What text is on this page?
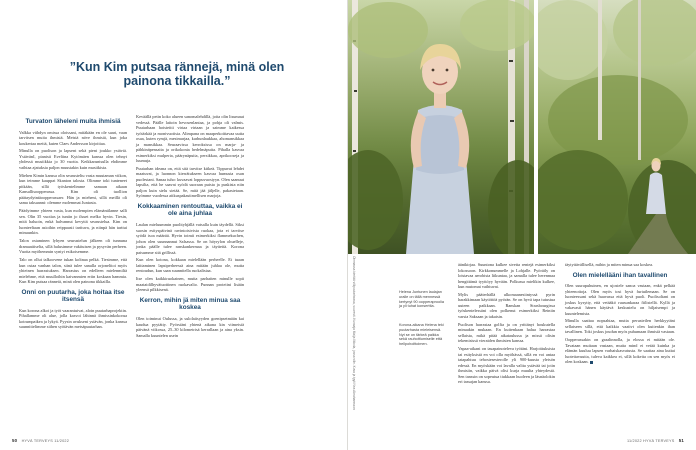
”Kun Kim putsaa rännejä, minä olen painona tikkailla.”
Turvaton läheleni muita ihmisiä

Valkka viihdyn omissa oloissani, mitäkään en ole saari, vaan tarvitsen muita ihmisiä. Meistä növe ihmisiä, kun joka koukertaa meitä, kuten Claes Andersson kirjoittaa.

Minulla on puolison ja lapsent sekä pieni joukko ystäviä. YstävänI, pianisti Eveliina Kytömäen kanssa olen tehnyt yhdessä musiikkia jo 30 vuotta. Keikkaruntsulla ehdimme vaihtaa ajatuksia paljon muustakin kuin musiikista.

Miehen Kimin kanssa olin seurusteltu vasta muutaman viikon, kun teimme kauppat Skanton talosta. Olimme toki tunteneet pitkään, sillä työskentelimme samaan aikaan Kansallisoopperassa. Kim oli tuollion päätaydytntäoopperassaer. Hän ja mieheni, sillä meillä oli sama taksaanni: olemme molemmat Juntasta.

Päädyimme yhteen vasta, kun molempien elämäntilanne salli sen. Olin 35 vuotias ja tuntin jo ilsuet melko hyvin. Tiesin, mitä haluoin, enkä halvannut kevyttä seurustelua. Kim on luonteeltaan asioihin reippaasti tarttuva, ja niinpä hän tarttui minuunkin.

Talon ostaminen lyhyen seurustelun jälkeen oli tunnuna dramaattiselta, sillä halusimme vakituisen ja pysyvän perheen. Vuotta myöhemmin syntyi esikoisemme.

Talo on ollut talkoovene tukan koltnaa pelkä. Tiesimme, että kun ostaa vanhan talon, siinä tulee sanalla orjonelitoi myös yhteinen harrastuksen. Harrastus on edelleen mielenmiltä mielehme, että muulloihin kaivanmien eriin koskaan hammia. Kun Kim putsaa ränneiä, minä olen painona tikkailla.

Onni on puutarha, joka hoitaa itse itsensä

Kun korona alkoi ja työt vaarantuivat, aloin puutarhaprojektin. Pihallamme oli alue, jolla kasvoi lähinnä ihmissinkokorua kotrumpaikea ja lykyä. Pyysin avukseni ystävän, jonka kanssa suunnittelimme siihen syötävän metsäpuutarhan.

Keväällä petin koko alueen sanomalehdillä, joita olin lisumaut vedessä. Päälle laitoin hevosenlantaa, ja pohja oli valmis. Puutarhaan hoisteitti virtaa virtaan ja saimme kaikessa työtärkää ja monivuotisia. Alimpana on maaperkoittavaa uutta osaa, kuten rymjä, mesimarjaa, karhunlaukkaa, ahomansikkaa ja mansikkaa. Seuraavissa kerroksissa on marja- ja pähkinäpensaita ja ortkokonia hedelmäpuita. Pihalla kasvaa esimerkiksi mulperia, päärynäpuita, persikkaa, aprikooseja ja luumuja.

Puutarhan ideana on, että sitä tarvitse kitkeä. Tippuvat lehdet maatuvat, ja luonnon kierrätukseen kasvaa humusta osan puolestani. Sanaa tuho: kuvaavat loppuvuosiyyn. Olen saanuut lapsilta, että he saavat syödä suoraan puista ja puskista niin paljon kuin sielu sietää. Se, mitä jää jäljelle, pakastetaan. Syömme vuodessa aitkuspakastimellisen marjoja.

Kokkaaminen rentouttaa, vaikka ei ole aina juhlaa

Laulan mieluummin puolityhjällä vatsalla kuin täydellä. Siksi suosin esityspäivinä ravintoisivista ruokaa, jota ei tarvitse syödä isoa määrää. Hyvin toimii esimerkiksi flammekuchen, johon olen suunnannut Salsassa. Se on höyrylon ohuelleje, jonka päälle tulee ranskankermaa ja täytteitä. Korona paisumme sitä grillissä.

Kun olen kotona, kokkaan mielellään perheelle. Ei tuaan laittaminen lapsiperheessä aina mitään juhlaa ole, mutta rentoudun, kun saan suunnitella ruokalistaa.

Itse olen kaikkiruokainen, mutta parhaiten minulle sopii maataidilhyvätuottinen ruokavalio. Punnan proteiini lisään yleensä pilkkisenä.

Kerron, mihin jä miten minua saa koskea

Olen toiminut Oulussa, ja sulolaiisyyden goenipsetmään kai kaudua pyytätty. Pyörsiäni yhtenä aikana kin viimeisiä päivänä viikossa, 25–30 kilometrisä kerrallaan ja aina yksin. Samalla kuuntelen usein

50 HYVÄ TERVEYS 11/2022
Olemassa kiertää villipuutarhassa, suuresti. Kuvaaja Maija Ilkkola, jossa ville. Kuva ja tyyli Nea Abrahamsson	Helena Juntunen laulajan uralle on tällä mennessä kertynyt 90 oopperaproolia ja yli tuhat konserttia.
Korona-aikana Helena teki puutarhasta mieleisensä. Nyt se on tärkeä paikka sekä rauhoittumiselle että hellpohoittoimen.

äänikirjaa. Suuntona kulkee sivetta rentejä esimerkiksi lokossoon. Kirkkonummelle ja Lohjalle. Pyöräily on loistavaa aerobista liikuntaa, ja samalla tulee herenmaa hengittämä tyyttöyy hyvään. Polkussa mielikin kulkee, kun mutomat vaihtuvat.

Mylis pääterhällä ulkomaanesiintyssä pyrin harakkimaan käytöttöä pyörän. Se on hyvä tapa tutustua uuteen paikkaan. Ranskan Strasbourgissa työskentelessäni olen polkenut esimerkiksi Reiniin varsia Saksaan ja takaisin.

Puolison harrastaa golfia ja on yrittänyt houkutella minuakin mukaan. En kuitenkaan halua harrastaa sellaista, mikä pitää aikataulussa ja missä olisin tekemisissä vieraiden ihmisten kanssa.

Vapaa-aikani on tasapainoteleva työtäni. Harjoittuksista tai esityksistä en voi olla myöhässä, sillä en voi antaa tatapahtuu tehostesesterolle yli 900-kuusta yleisön edessä. En myöskään voi lavalla valita ystävää tai jotin ihmisiin, vaikka päivä olisi kurja muulta yhteydestä. Sen tanssin on sopeutua tiukkaan huoleen ja läsnäolokin eri tassajan kanssa.

täytyttävällisellä, mihin ja miten minua saa koskea.

Olen mielellääni ihan tavallinen

Olen suurapuhuinen, en ujostele sanoa vastaan, enkä pelkää yhteenottoja. Olen myös tosi hyvä furtuilemaan. Se on luonteessani sekä huavassa että hyvä puoli. Puolisoltani on joskus kysytty, että vetääkö ruusunkaraa fiilistellä. Kyllä ja vakavasti hänen käytävä keskustelu on hiljaisempi ja kuuntelemista.

Minulla saattaa nopsahtaa, mutta perusteilen herkkyytäni sellaiseen sillä, että kaikkia vaativt olen kuitenkin ihan tavallinen. Toki joskus joudun myös puhumaan ihmisiä vastaan.

Oopperassakin on graalinnolla, ja elossa ei mitään ole. Tavataan muitaan vastaan, mutta mind ei vetää kuinka ja elämän kuuluu lapsen varhaiskasvatusta. Se saattaa aina kuttai luotettavuutta, tuleva kaikkea ei, sillä kokeita on sen myös ei olen koskaan.

11/2022 HYVÄ TERVEYS 51
